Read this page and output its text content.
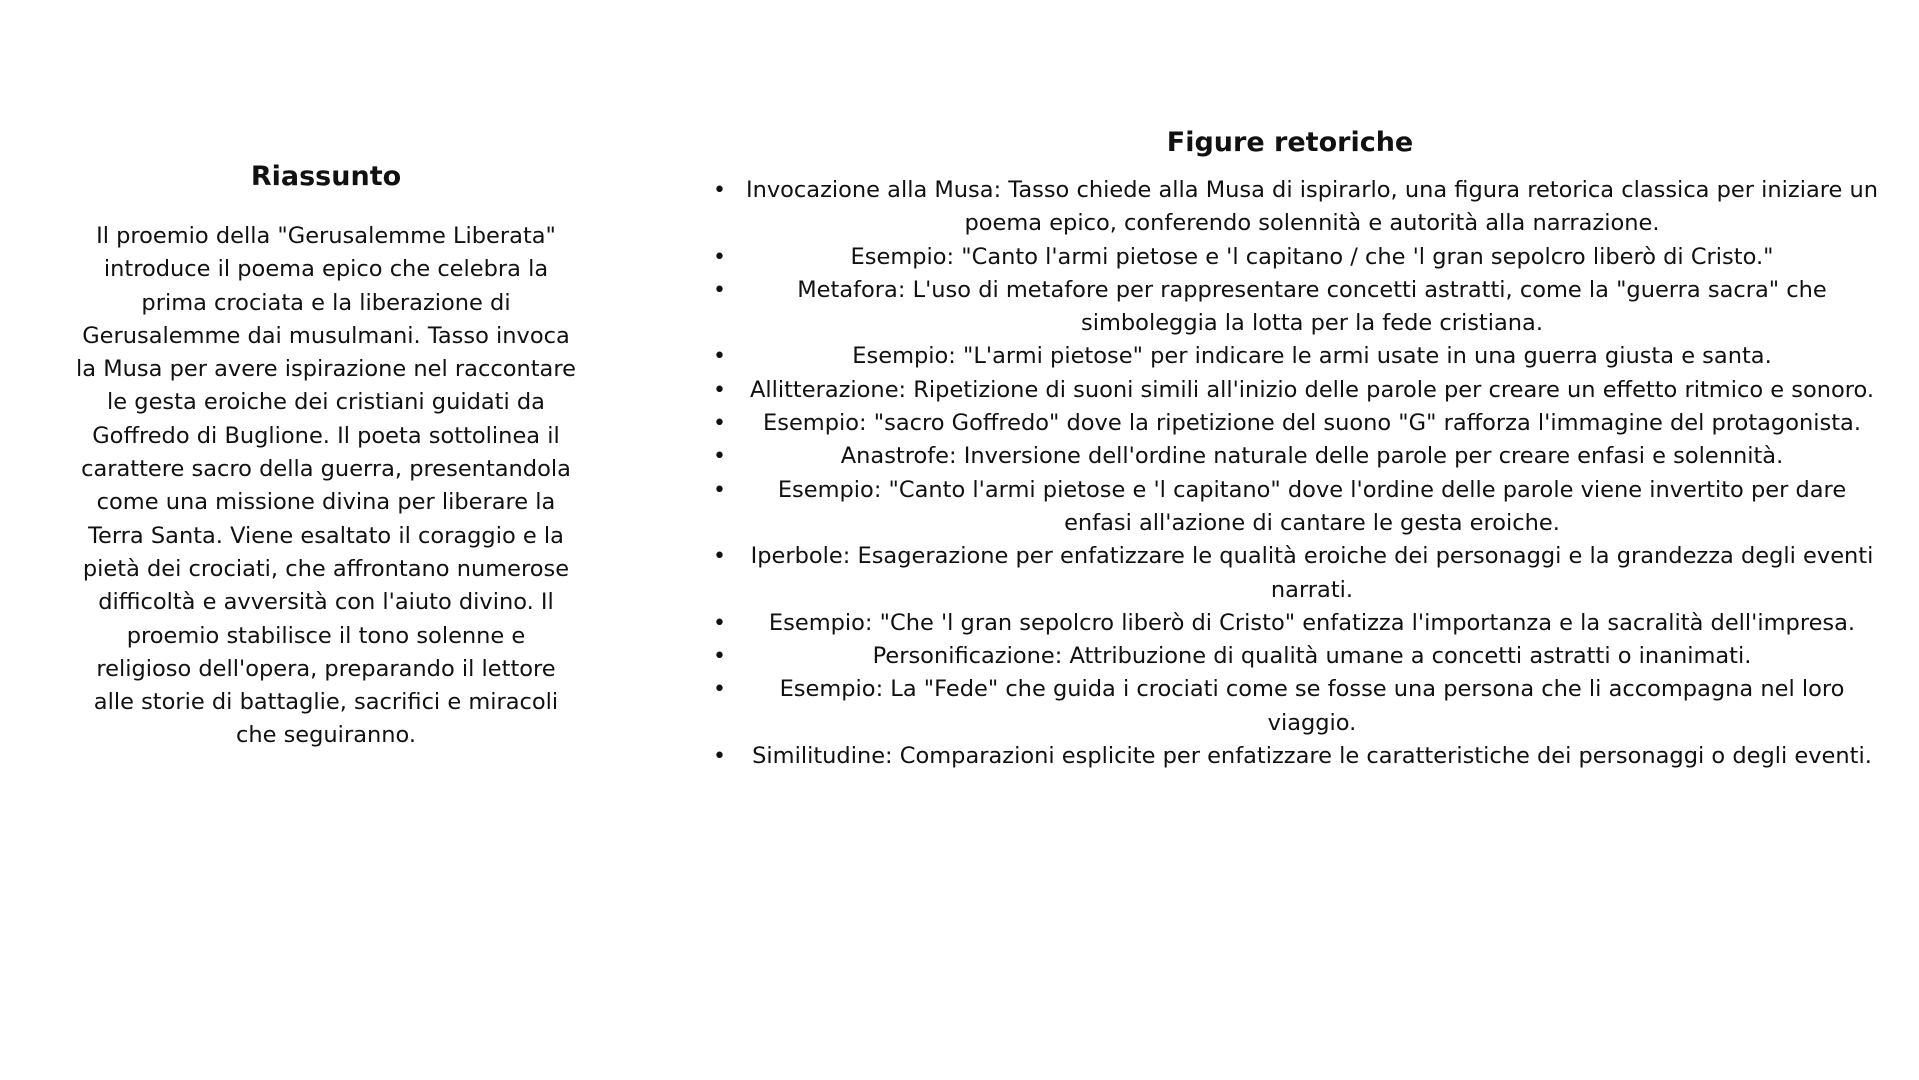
Riassunto

Il proemio della "Gerusalemme Liberata" introduce il poema epico che celebra la prima crociata e la liberazione di Gerusalemme dai musulmani. Tasso invoca la Musa per avere ispirazione nel raccontare le gesta eroiche dei cristiani guidati da Goffredo di Buglione. Il poeta sottolinea il carattere sacro della guerra, presentandola come una missione divina per liberare la Terra Santa. Viene esaltato il coraggio e la pietà dei crociati, che affrontano numerose difficoltà e avversità con l'aiuto divino. Il proemio stabilisce il tono solenne e religioso dell'opera, preparando il lettore alle storie di battaglie, sacrifici e miracoli che seguiranno.

Figure retoriche
• Invocazione alla Musa: Tasso chiede alla Musa di ispirarlo, una figura retorica classica per iniziare un poema epico, conferendo solennità e autorità alla narrazione.
•	Esempio: "Canto l'armi pietose e 'l capitano / che 'l gran sepolcro liberò di Cristo."
•	Metafora: L'uso di metafore per rappresentare concetti astratti, come la "guerra sacra" che simboleggia la lotta per la fede cristiana.
•	Esempio: "L'armi pietose" per indicare le armi usate in una guerra giusta e santa.
• Allitterazione: Ripetizione di suoni simili all'inizio delle parole per creare un effetto ritmico e sonoro.
• Esempio: "sacro Goffredo" dove la ripetizione del suono "G" rafforza l'immagine del protagonista.
•	Anastrofe: Inversione dell'ordine naturale delle parole per creare enfasi e solennità.
• Esempio: "Canto l'armi pietose e 'l capitano" dove l'ordine delle parole viene invertito per dare enfasi all'azione di cantare le gesta eroiche.
• Iperbole: Esagerazione per enfatizzare le qualità eroiche dei personaggi e la grandezza degli eventi narrati.
• Esempio: "Che 'l gran sepolcro liberò di Cristo" enfatizza l'importanza e la sacralità dell'impresa.
•	Personificazione: Attribuzione di qualità umane a concetti astratti o inanimati.
• Esempio: La "Fede" che guida i crociati come se fosse una persona che li accompagna nel loro viaggio.
• Similitudine: Comparazioni esplicite per enfatizzare le caratteristiche dei personaggi o degli eventi.
